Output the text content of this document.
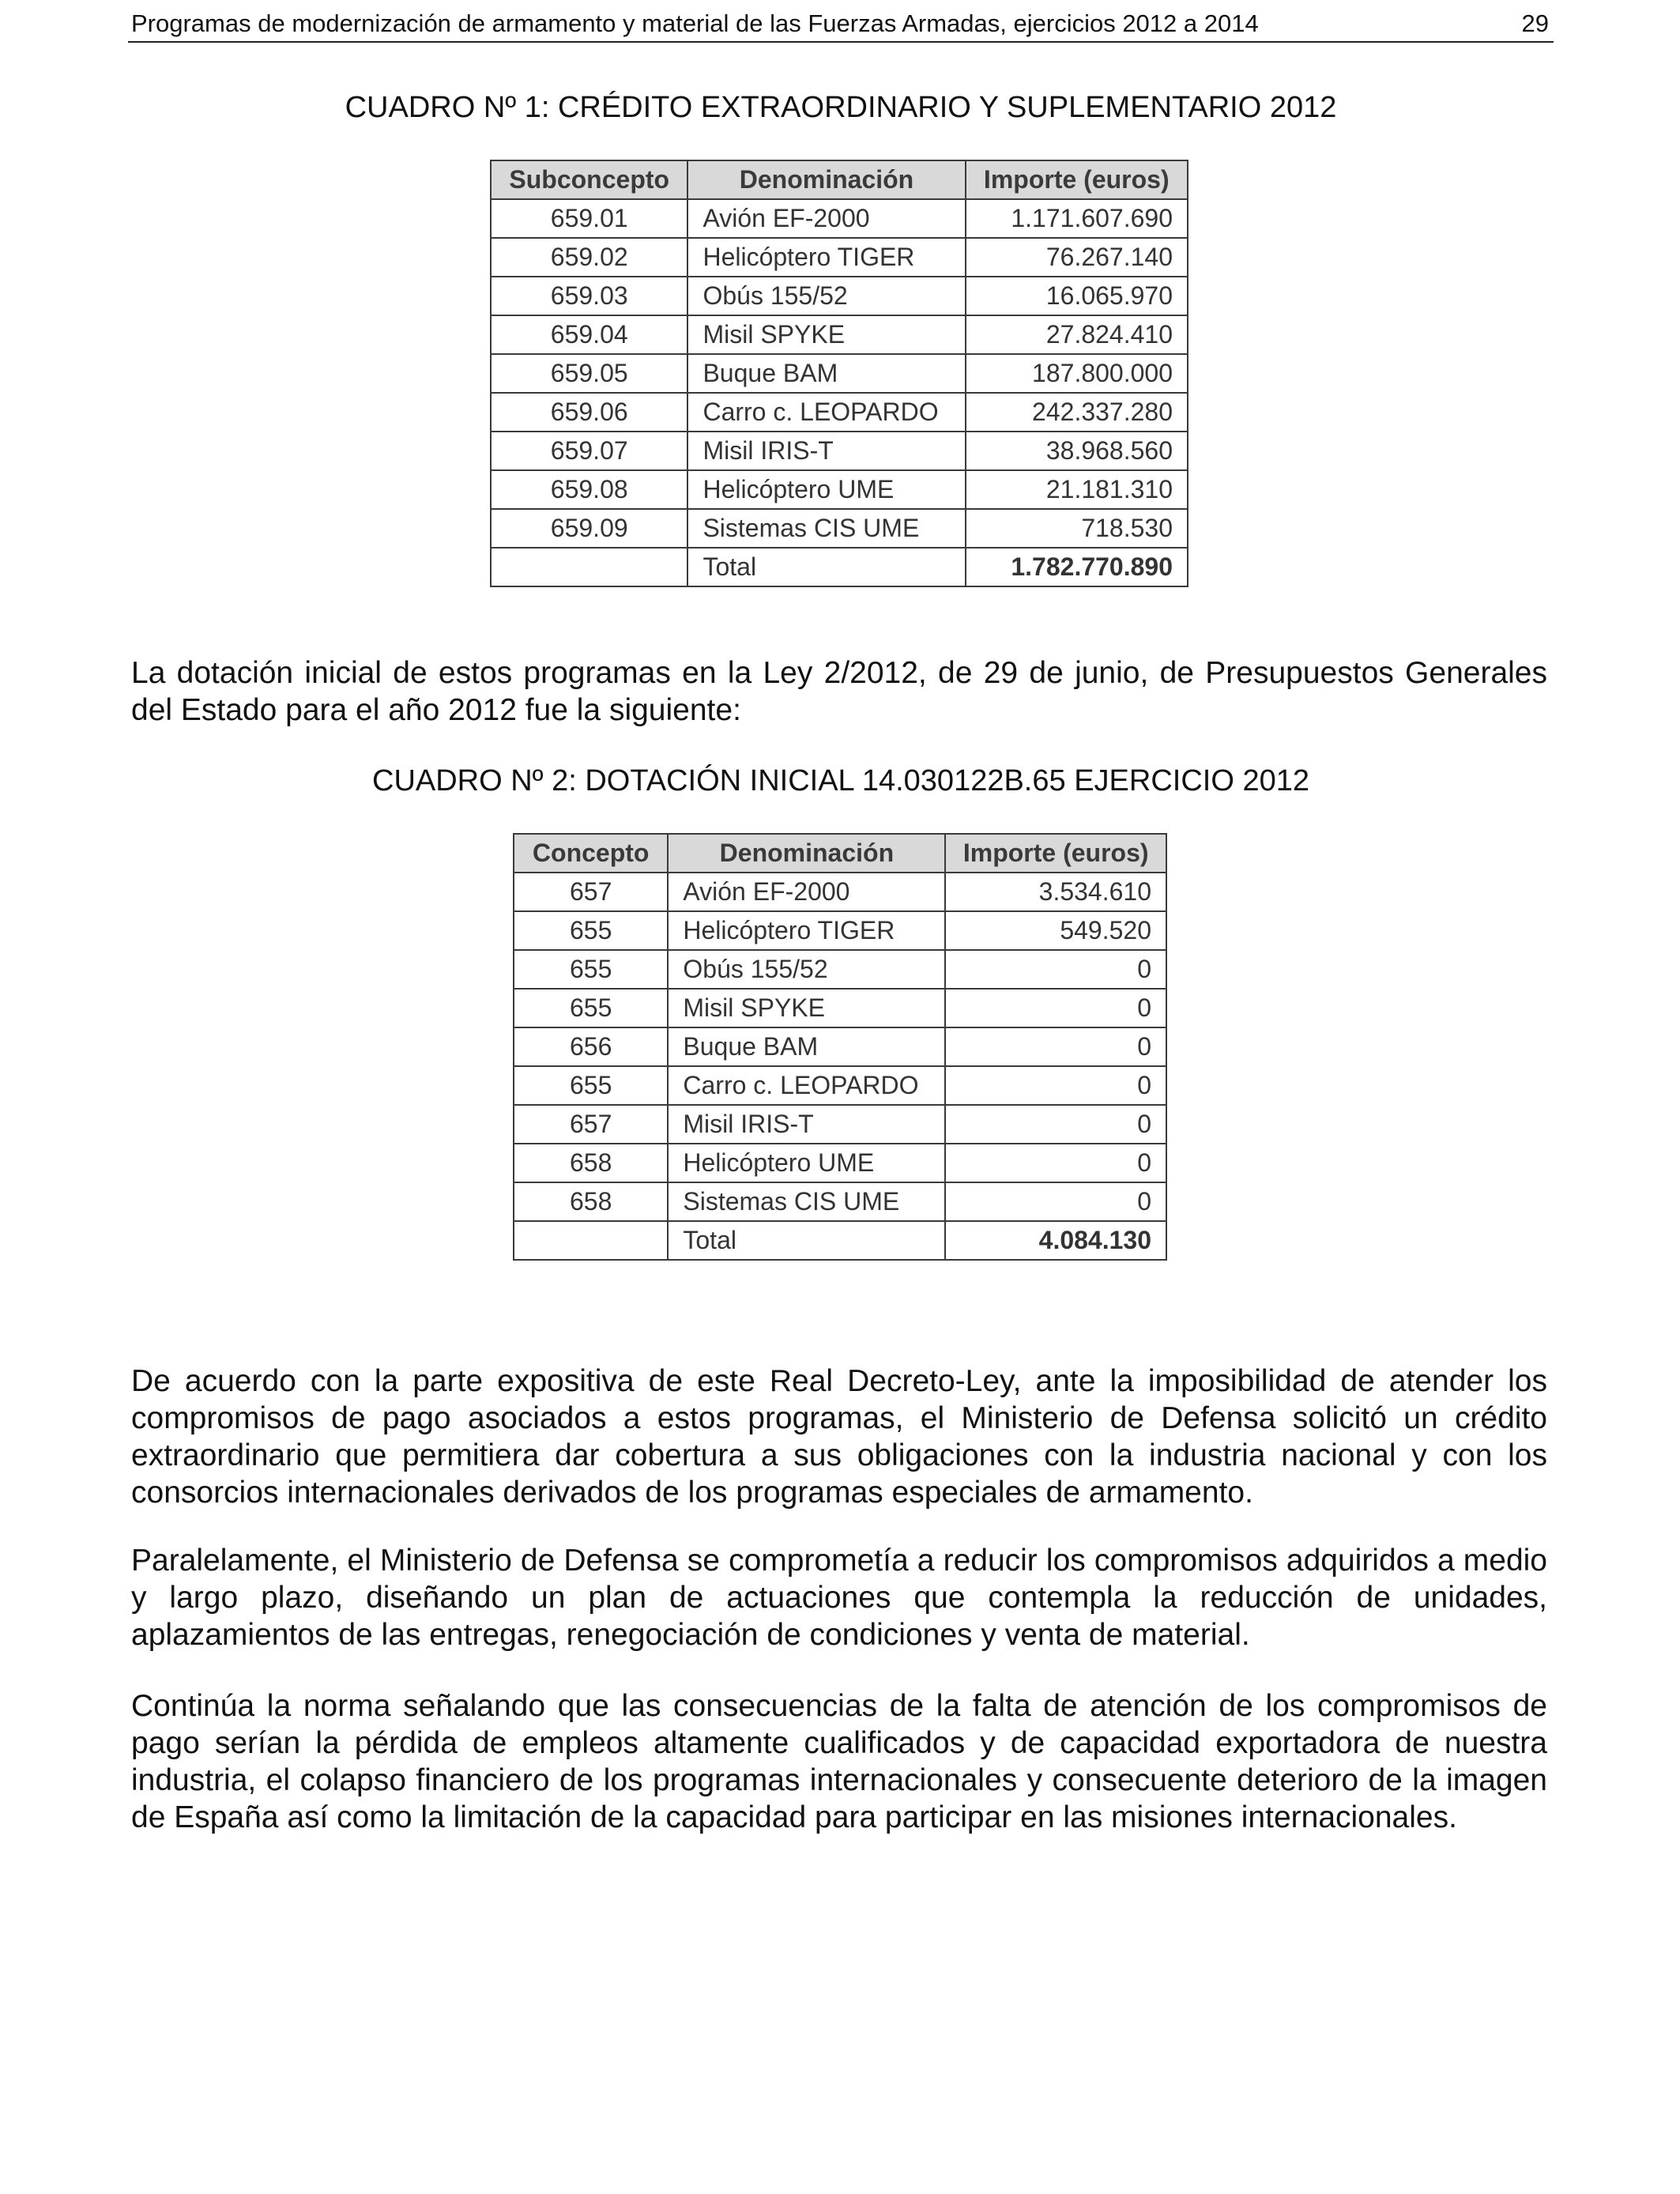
Programas de modernización de armamento y material de las Fuerzas Armadas, ejercicios 2012 a 2014	29
CUADRO Nº 1: CRÉDITO EXTRAORDINARIO Y SUPLEMENTARIO 2012
Subconcepto	Denominación	Importe (euros)
659.01	Avión EF-2000	1.171.607.690
659.02	Helicóptero TIGER	76.267.140
659.03	Obús 155/52	16.065.970
659.04	Misil SPYKE	27.824.410
659.05	Buque BAM	187.800.000
659.06	Carro c. LEOPARDO	242.337.280
659.07	Misil IRIS-T	38.968.560
659.08	Helicóptero UME	21.181.310
659.09	Sistemas CIS UME	718.530
	Total	1.782.770.890

La dotación inicial de estos programas en la Ley 2/2012, de 29 de junio, de Presupuestos Generales del Estado para el año 2012 fue la siguiente:

CUADRO Nº 2: DOTACIÓN INICIAL 14.030122B.65 EJERCICIO 2012
Concepto	Denominación	Importe (euros)
657	Avión EF-2000	3.534.610
655	Helicóptero TIGER	549.520
655	Obús 155/52	0
655	Misil SPYKE	0
656	Buque BAM	0
655	Carro c. LEOPARDO	0
657	Misil IRIS-T	0
658	Helicóptero UME	0
658	Sistemas CIS UME	0
	Total	4.084.130

De acuerdo con la parte expositiva de este Real Decreto-Ley, ante la imposibilidad de atender los compromisos de pago asociados a estos programas, el Ministerio de Defensa solicitó un crédito extraordinario que permitiera dar cobertura a sus obligaciones con la industria nacional y con los consorcios internacionales derivados de los programas especiales de armamento.

Paralelamente, el Ministerio de Defensa se comprometía a reducir los compromisos adquiridos a medio y largo plazo, diseñando un plan de actuaciones que contempla la reducción de unidades, aplazamientos de las entregas, renegociación de condiciones y venta de material.

Continúa la norma señalando que las consecuencias de la falta de atención de los compromisos de pago serían la pérdida de empleos altamente cualificados y de capacidad exportadora de nuestra industria, el colapso financiero de los programas internacionales y consecuente deterioro de la imagen de España así como la limitación de la capacidad para participar en las misiones internacionales.
